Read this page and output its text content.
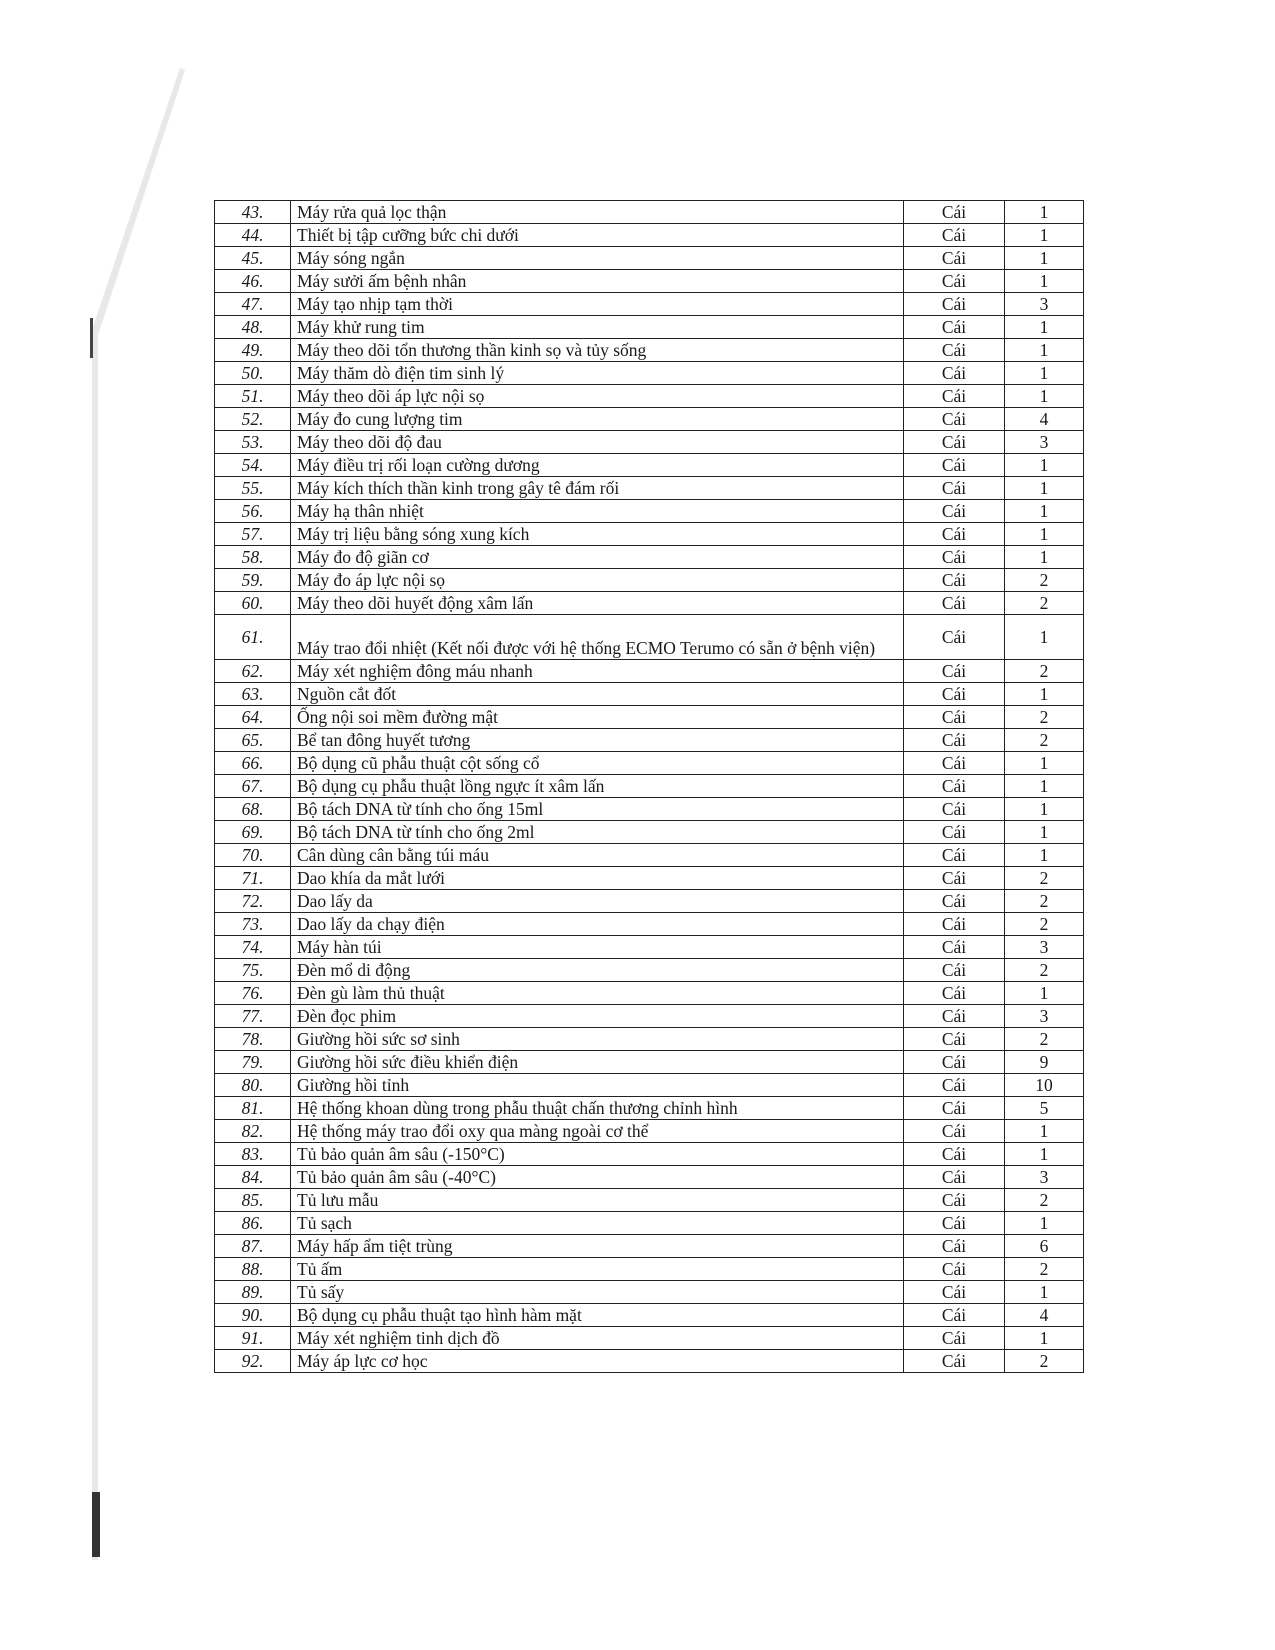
43.	Máy rửa quả lọc thận	Cái	1
44.	Thiết bị tập cưỡng bức chi dưới	Cái	1
45.	Máy sóng ngắn	Cái	1
46.	Máy sưởi ấm bệnh nhân	Cái	1
47.	Máy tạo nhịp tạm thời	Cái	3
48.	Máy khử rung tim	Cái	1
49.	Máy theo dõi tổn thương thần kinh sọ và tủy sống	Cái	1
50.	Máy thăm dò điện tim sinh lý	Cái	1
51.	Máy theo dõi áp lực nội sọ	Cái	1
52.	Máy đo cung lượng tim	Cái	4
53.	Máy theo dõi độ đau	Cái	3
54.	Máy điều trị rối loạn cường dương	Cái	1
55.	Máy kích thích thần kinh trong gây tê đám rối	Cái	1
56.	Máy hạ thân nhiệt	Cái	1
57.	Máy trị liệu bằng sóng xung kích	Cái	1
58.	Máy đo độ giãn cơ	Cái	1
59.	Máy đo áp lực nội sọ	Cái	2
60.	Máy theo dõi huyết động xâm lấn	Cái	2
61.	Máy trao đổi nhiệt (Kết nối được với hệ thống ECMO Terumo có sẵn ở bệnh viện)	Cái	1
62.	Máy xét nghiệm đông máu nhanh	Cái	2
63.	Nguồn cắt đốt	Cái	1
64.	Ống nội soi mềm đường mật	Cái	2
65.	Bể tan đông huyết tương	Cái	2
66.	Bộ dụng cũ phẫu thuật cột sống cổ	Cái	1
67.	Bộ dụng cụ phẫu thuật lồng ngực ít xâm lấn	Cái	1
68.	Bộ tách DNA từ tính cho ống 15ml	Cái	1
69.	Bộ tách DNA từ tính cho ống 2ml	Cái	1
70.	Cân dùng cân bằng túi máu	Cái	1
71.	Dao khía da mắt lưới	Cái	2
72.	Dao lấy da	Cái	2
73.	Dao lấy da chạy điện	Cái	2
74.	Máy hàn túi	Cái	3
75.	Đèn mổ di động	Cái	2
76.	Đèn gù làm thủ thuật	Cái	1
77.	Đèn đọc phim	Cái	3
78.	Giường hồi sức sơ sinh	Cái	2
79.	Giường hồi sức điều khiển điện	Cái	9
80.	Giường hồi tỉnh	Cái	10
81.	Hệ thống khoan dùng trong phẫu thuật chấn thương chỉnh hình	Cái	5
82.	Hệ thống máy trao đổi oxy qua màng ngoài cơ thể	Cái	1
83.	Tủ bảo quản âm sâu (-150°C)	Cái	1
84.	Tủ bảo quản âm sâu (-40°C)	Cái	3
85.	Tủ lưu mẫu	Cái	2
86.	Tủ sạch	Cái	1
87.	Máy hấp ẩm tiệt trùng	Cái	6
88.	Tủ ấm	Cái	2
89.	Tủ sấy	Cái	1
90.	Bộ dụng cụ phẫu thuật tạo hình hàm mặt	Cái	4
91.	Máy xét nghiệm tinh dịch đồ	Cái	1
92.	Máy áp lực cơ học	Cái	2
